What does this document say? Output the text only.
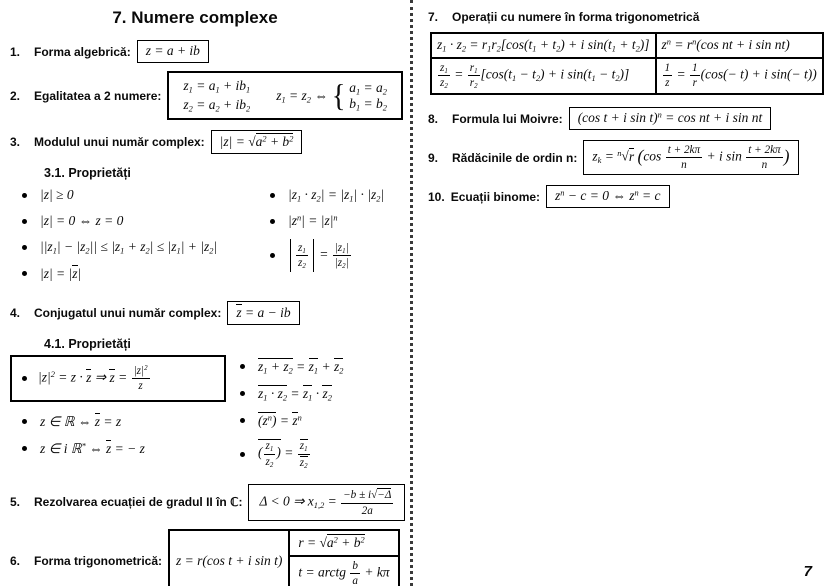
7. Numere complexe
1.	Forma algebrică:	z = a + ib
2.	Egalitatea a 2 numere:
$z_1 = a_1 + ib_1$
$z_2 = a_2 + ib_2$
$z_1 = z_2$ ⇔ { $a_1 = a_2$
$b_1 = b_2$
3.	Modulul unui număr complex:	$|z| = √a^2 + b^2$
3.1. Proprietăți
|z| ≥ 0
|z| = 0 ⇔ z = 0
$||z_1| - |z_2|| \le |z_1 + z_2| \le |z_1| + |z_2|$
|z| = |z|
$|z_1 \cdot z_2| = |z_1| \cdot |z_2|$
$|z^n| = |z|^n$
$\frac{z_1}{z_2} = \frac{|z_1|}{|z_2|}$
4.	Conjugatul unui număr complex:	z = a − ib
4.1. Proprietăți
$|z|^2 = z \cdot z$ ⇒ $z = \frac{|z|^2}{z}$
z ∈ ℝ ⇔ z = z
z ∈ i ℝ* ⇔ z = − z
$z_1 + z_2 = z_1 + z_2$
$z_1 \cdot z_2 = z_1 \cdot z_2$
$(z^n) = z^n$
( $\frac{z_1}{z_2}$ ) = $\frac{z_1}{z_2}$
5.	Rezolvarea ecuației de gradul II în ℂ:	Δ < 0 ⇒ $x_{1,2} = \frac{-b \pm i√-\Delta}{2a}$
6.	Forma trigonometrică:	z = r(cos t + i sin t)
$r = √a^2 + b^2$
t = arctg $\frac{b}{a} + k\pi$
7.	Operații cu numere în forma trigonometrică
$z_1 \cdot z_2 = r_1r_2[\cos(t_1 + t_2) + i$ $\sin(t_1 + t_2)$]	$z^n = r^n(\cos$ nt + i sin nt)

$\frac{z_1}{z_2} = \frac{r_1}{r_2} [\cos(t_1 - t_2) + i$ $\sin(t_1 - t_2)$]	$\frac{1}{z} = \frac{1}{r} (\cos(- t) + i$ sin(− t))
8.	Formula lui Moivre:	(cos t + i sin t)$^n$ = cos nt + i sin nt
9.	Rădăcinile de ordin n:	$z_k = ^n√r$ ($\cos \frac{t + 2k\pi}{n} + i$ $\sin \frac{t + 2k\pi}{n}$ )
10. Ecuații binome:	$z^n - c = 0$ ⇔ $z^n = c$
7
